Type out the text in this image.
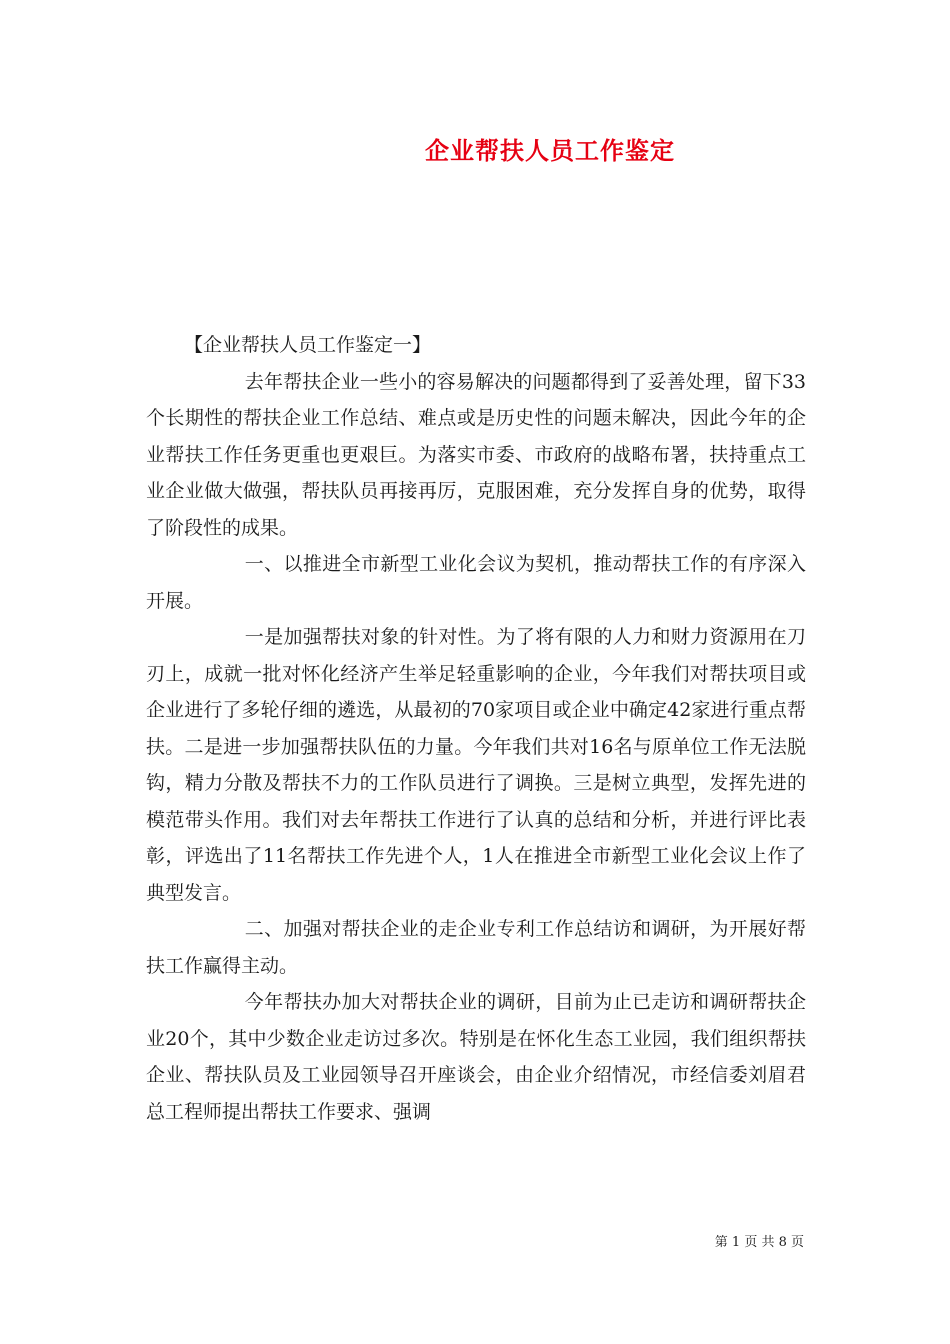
企业帮扶人员工作鉴定

【企业帮扶人员工作鉴定一】

去年帮扶企业一些小的容易解决的问题都得到了妥善处理，留下33个长期性的帮扶企业工作总结、难点或是历史性的问题未解决，因此今年的企业帮扶工作任务更重也更艰巨。为落实市委、市政府的战略布署，扶持重点工业企业做大做强，帮扶队员再接再厉，克服困难，充分发挥自身的优势，取得了阶段性的成果。

一、以推进全市新型工业化会议为契机，推动帮扶工作的有序深入开展。

一是加强帮扶对象的针对性。为了将有限的人力和财力资源用在刀刃上，成就一批对怀化经济产生举足轻重影响的企业，今年我们对帮扶项目或企业进行了多轮仔细的遴选，从最初的70家项目或企业中确定42家进行重点帮扶。二是进一步加强帮扶队伍的力量。今年我们共对16名与原单位工作无法脱钩，精力分散及帮扶不力的工作队员进行了调换。三是树立典型，发挥先进的模范带头作用。我们对去年帮扶工作进行了认真的总结和分析，并进行评比表彰，评选出了11名帮扶工作先进个人，1人在推进全市新型工业化会议上作了典型发言。

二、加强对帮扶企业的走企业专利工作总结访和调研，为开展好帮扶工作赢得主动。

今年帮扶办加大对帮扶企业的调研，目前为止已走访和调研帮扶企业20个，其中少数企业走访过多次。特别是在怀化生态工业园，我们组织帮扶企业、帮扶队员及工业园领导召开座谈会，由企业介绍情况，市经信委刘眉君总工程师提出帮扶工作要求、强调

第 1 页 共 8 页
